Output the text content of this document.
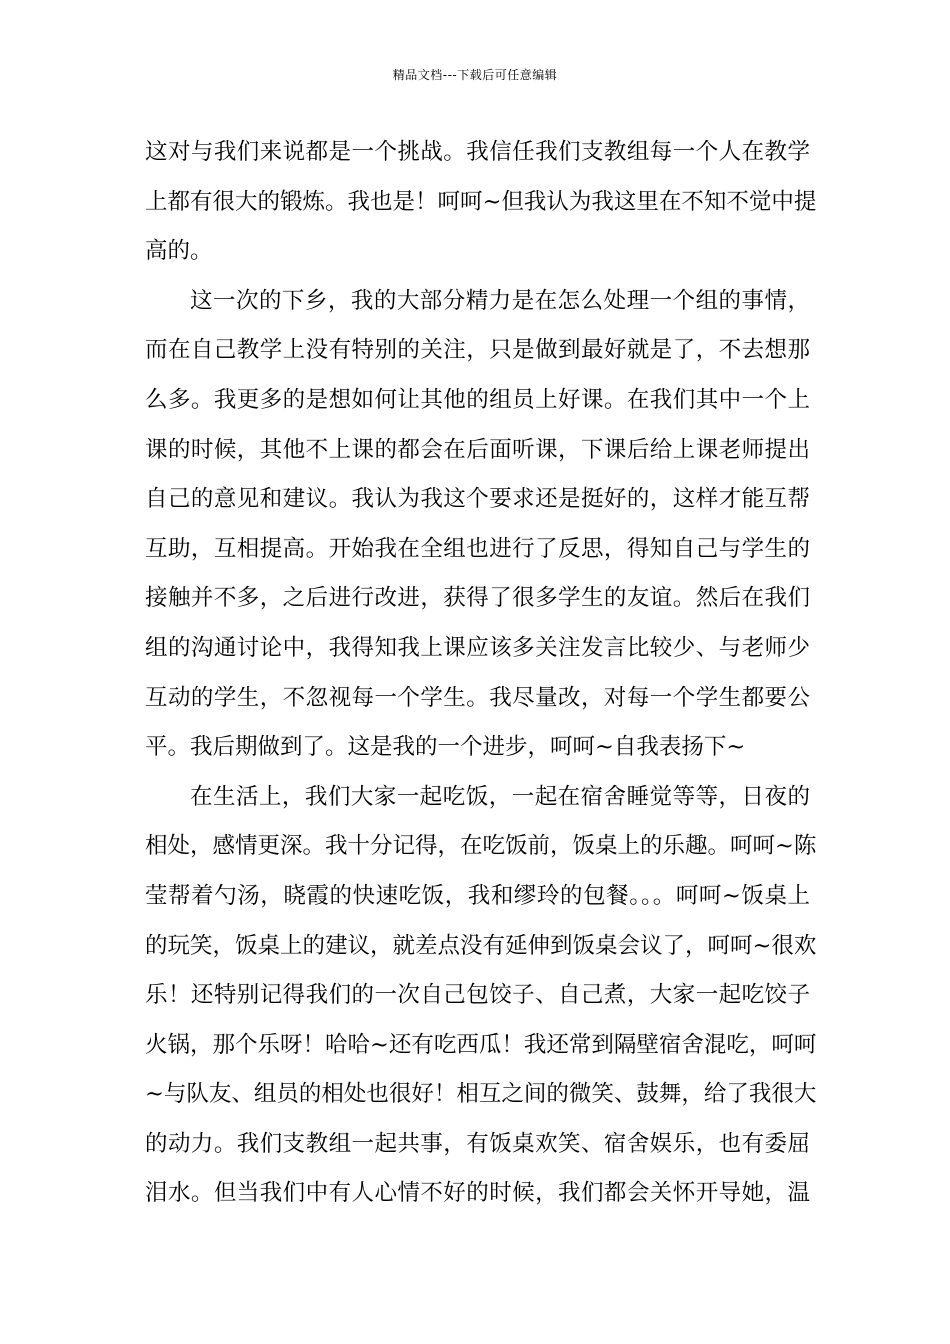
精品文档---下载后可任意编辑
这对与我们来说都是一个挑战。我信任我们支教组每一个人在教学
上都有很大的锻炼。我也是！呵呵~但我认为我这里在不知不觉中提
高的。
这一次的下乡，我的大部分精力是在怎么处理一个组的事情，
而在自己教学上没有特别的关注，只是做到最好就是了，不去想那
么多。我更多的是想如何让其他的组员上好课。在我们其中一个上
课的时候，其他不上课的都会在后面听课，下课后给上课老师提出
自己的意见和建议。我认为我这个要求还是挺好的，这样才能互帮
互助，互相提高。开始我在全组也进行了反思，得知自己与学生的
接触并不多，之后进行改进，获得了很多学生的友谊。然后在我们
组的沟通讨论中，我得知我上课应该多关注发言比较少、与老师少
互动的学生，不忽视每一个学生。我尽量改，对每一个学生都要公
平。我后期做到了。这是我的一个进步，呵呵~自我表扬下~
在生活上，我们大家一起吃饭，一起在宿舍睡觉等等，日夜的
相处，感情更深。我十分记得，在吃饭前，饭桌上的乐趣。呵呵~陈
莹帮着勺汤，晓霞的快速吃饭，我和缪玲的包餐。。。呵呵~饭桌上
的玩笑，饭桌上的建议，就差点没有延伸到饭桌会议了，呵呵~很欢
乐！还特别记得我们的一次自己包饺子、自己煮，大家一起吃饺子
火锅，那个乐呀！哈哈~还有吃西瓜！我还常到隔壁宿舍混吃，呵呵
~与队友、组员的相处也很好！相互之间的微笑、鼓舞，给了我很大
的动力。我们支教组一起共事，有饭桌欢笑、宿舍娱乐，也有委屈
泪水。但当我们中有人心情不好的时候，我们都会关怀开导她，温
